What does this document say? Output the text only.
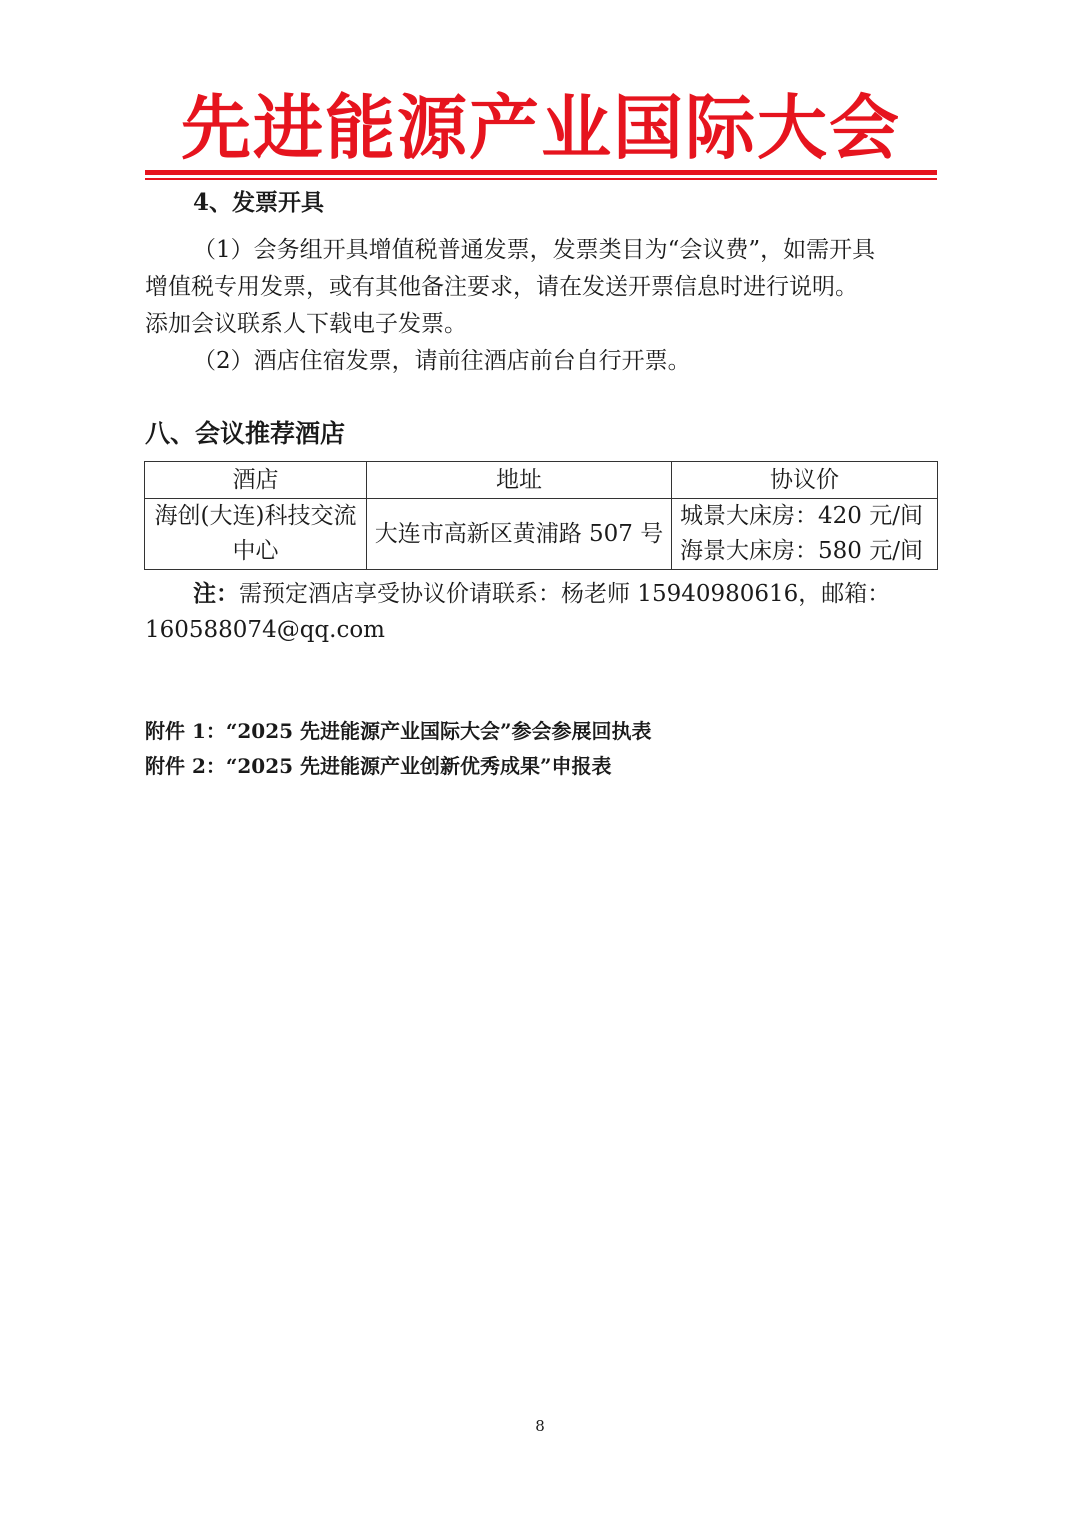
先进能源产业国际大会
4、发票开具
（1）会务组开具增值税普通发票，发票类目为“会议费”，如需开具
增值税专用发票，或有其他备注要求，请在发送开票信息时进行说明。
添加会议联系人下载电子发票。
（2）酒店住宿发票，请前往酒店前台自行开票。
八、会议推荐酒店
酒店	地址	协议价

海创(大连)科技交流
中心	大连市高新区黄浦路 507 号	城景大床房：420 元/间
海景大床房：580 元/间
注：需预定酒店享受协议价请联系：杨老师 15940980616，邮箱：
160588074@qq.com
附件 1：“2025 先进能源产业国际大会”参会参展回执表
附件 2：“2025 先进能源产业创新优秀成果”申报表
8
